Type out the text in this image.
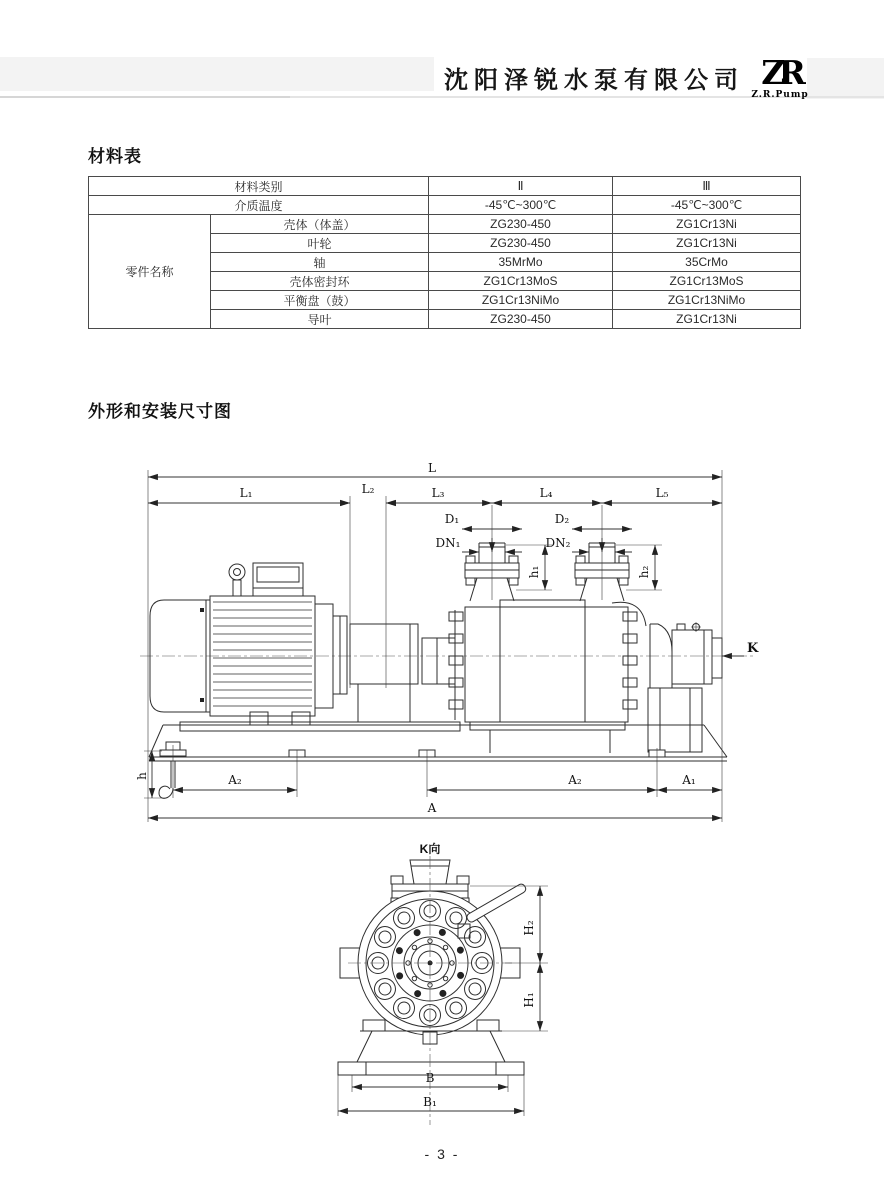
沈阳泽锐水泵有限公司 ZR
Z.R.Pump
材料表
材料类别		Ⅱ	Ⅲ
介质温度		-45℃~300℃	-45℃~300℃
零件名称	壳体（体盖）	ZG230-450	ZG1Cr13Ni
	叶轮	ZG230-450	ZG1Cr13Ni
	轴	35MrMo	35CrMo
	壳体密封环	ZG1Cr13MoS	ZG1Cr13MoS
	平衡盘（鼓）	ZG1Cr13NiMo	ZG1Cr13NiMo
	导叶	ZG230-450	ZG1Cr13Ni
外形和安装尺寸图
L
L₁	L₂	L₃	L₄	L₅
D₁
DN₁
D₂
DN₂
h₁	h₂
h	A₂	A₂	A₁
A
K
K向
H₂
H₁
B
B₁
- 3 -
